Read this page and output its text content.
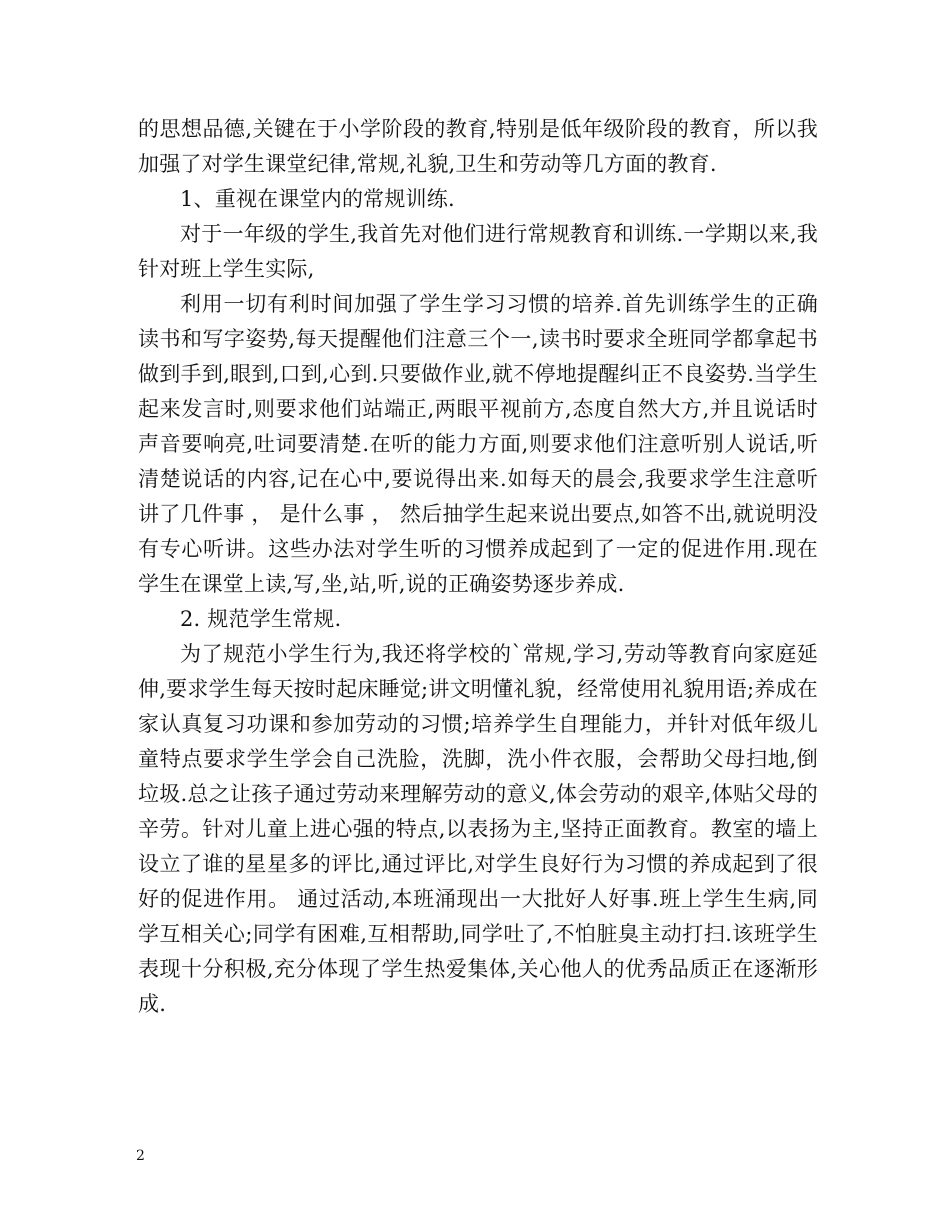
的思想品德,关键在于小学阶段的教育,特别是低年级阶段的教育，所以我加强了对学生课堂纪律,常规,礼貌,卫生和劳动等几方面的教育.

1、重视在课堂内的常规训练.

对于一年级的学生,我首先对他们进行常规教育和训练.一学期以来,我针对班上学生实际,

利用一切有利时间加强了学生学习习惯的培养.首先训练学生的正确读书和写字姿势,每天提醒他们注意三个一,读书时要求全班同学都拿起书做到手到,眼到,口到,心到.只要做作业,就不停地提醒纠正不良姿势.当学生起来发言时,则要求他们站端正,两眼平视前方,态度自然大方,并且说话时声音要响亮,吐词要清楚.在听的能力方面,则要求他们注意听别人说话,听清楚说话的内容,记在心中,要说得出来.如每天的晨会,我要求学生注意听讲了几件事 ， 是什么事 ， 然后抽学生起来说出要点,如答不出,就说明没有专心听讲。这些办法对学生听的习惯养成起到了一定的促进作用.现在学生在课堂上读,写,坐,站,听,说的正确姿势逐步养成.

2. 规范学生常规.

为了规范小学生行为,我还将学校的`常规,学习,劳动等教育向家庭延伸,要求学生每天按时起床睡觉;讲文明懂礼貌，经常使用礼貌用语;养成在家认真复习功课和参加劳动的习惯;培养学生自理能力，并针对低年级儿童特点要求学生学会自己洗脸，洗脚，洗小件衣服，会帮助父母扫地,倒垃圾.总之让孩子通过劳动来理解劳动的意义,体会劳动的艰辛,体贴父母的辛劳。针对儿童上进心强的特点,以表扬为主,坚持正面教育。教室的墙上设立了谁的星星多的评比,通过评比,对学生良好行为习惯的养成起到了很好的促进作用。 通过活动,本班涌现出一大批好人好事.班上学生生病,同学互相关心;同学有困难,互相帮助,同学吐了,不怕脏臭主动打扫.该班学生表现十分积极,充分体现了学生热爱集体,关心他人的优秀品质正在逐渐形成.

2
